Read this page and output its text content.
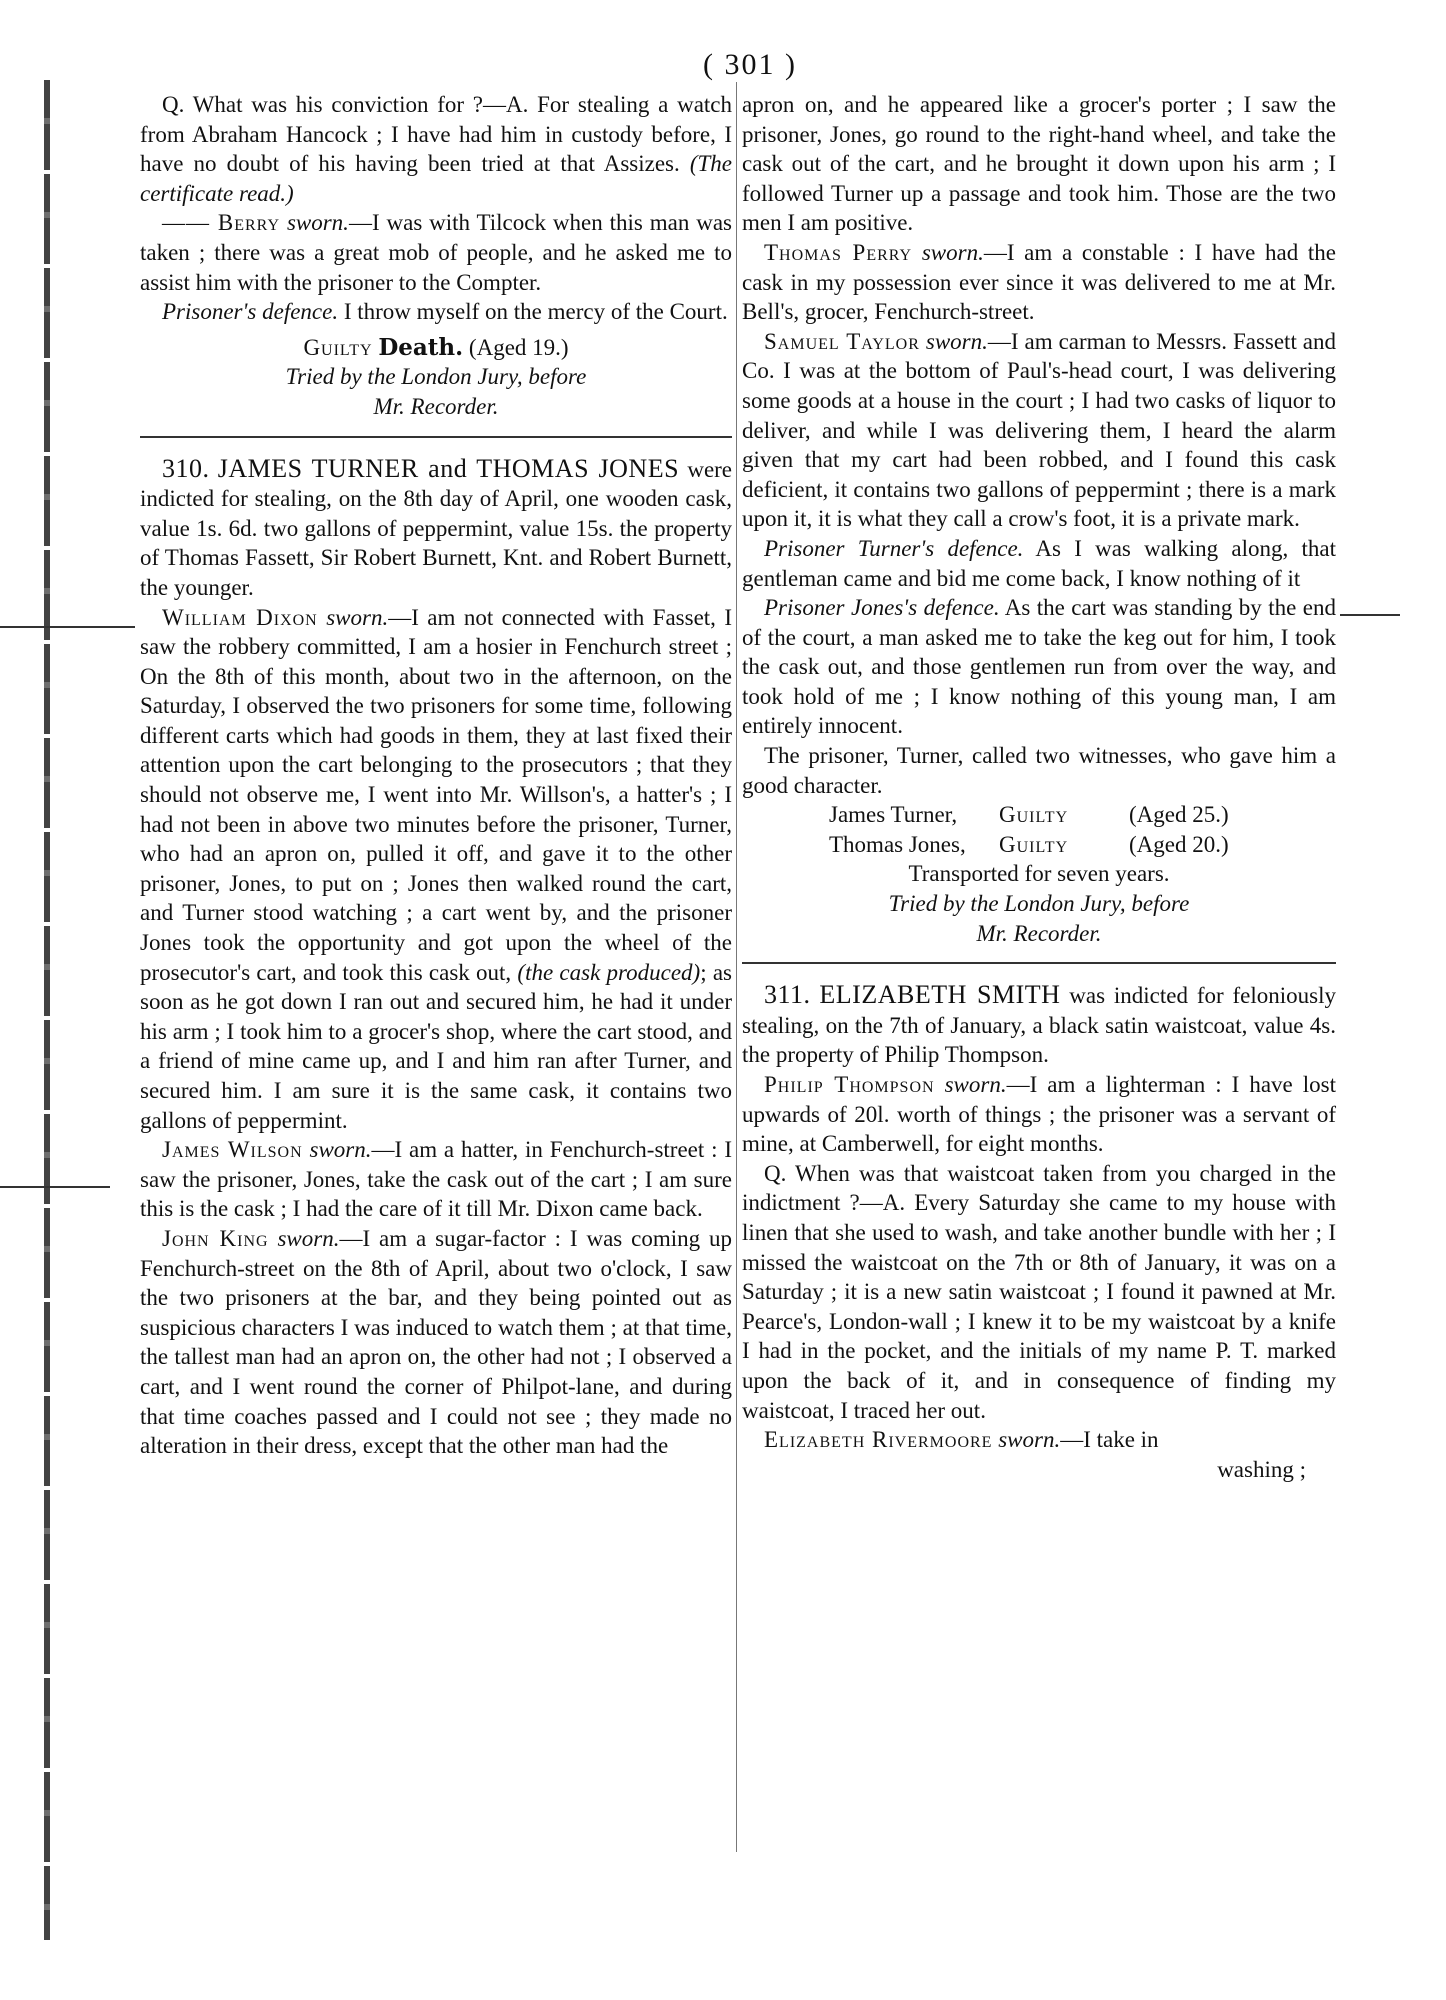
( 301 )

Q. What was his conviction for ?—A. For stealing a watch from Abraham Hancock ; I have had him in custody before, I have no doubt of his having been tried at that Assizes. (The certificate read.)

—— Berry sworn.—I was with Tilcock when this man was taken ; there was a great mob of people, and he asked me to assist him with the prisoner to the Compter.

Prisoner's defence. I throw myself on the mercy of the Court.

Guilty Death. (Aged 19.)

Tried by the London Jury, before

Mr. Recorder.

310. JAMES TURNER and THOMAS JONES were indicted for stealing, on the 8th day of April, one wooden cask, value 1s. 6d. two gallons of peppermint, value 15s. the property of Thomas Fassett, Sir Robert Burnett, Knt. and Robert Burnett, the younger.

William Dixon sworn.—I am not connected with Fasset, I saw the robbery committed, I am a hosier in Fenchurch street ; On the 8th of this month, about two in the afternoon, on the Saturday, I observed the two prisoners for some time, following different carts which had goods in them, they at last fixed their attention upon the cart belonging to the prosecutors ; that they should not observe me, I went into Mr. Willson's, a hatter's ; I had not been in above two minutes before the prisoner, Turner, who had an apron on, pulled it off, and gave it to the other prisoner, Jones, to put on ; Jones then walked round the cart, and Turner stood watching ; a cart went by, and the prisoner Jones took the opportunity and got upon the wheel of the prosecutor's cart, and took this cask out, (the cask produced); as soon as he got down I ran out and secured him, he had it under his arm ; I took him to a grocer's shop, where the cart stood, and a friend of mine came up, and I and him ran after Turner, and secured him. I am sure it is the same cask, it contains two gallons of peppermint.

James Wilson sworn.—I am a hatter, in Fenchurch-street : I saw the prisoner, Jones, take the cask out of the cart ; I am sure this is the cask ; I had the care of it till Mr. Dixon came back.

John King sworn.—I am a sugar-factor : I was coming up Fenchurch-street on the 8th of April, about two o'clock, I saw the two prisoners at the bar, and they being pointed out as suspicious characters I was induced to watch them ; at that time, the tallest man had an apron on, the other had not ; I observed a cart, and I went round the corner of Philpot-lane, and during that time coaches passed and I could not see ; they made no alteration in their dress, except that the other man had the

apron on, and he appeared like a grocer's porter ; I saw the prisoner, Jones, go round to the right-hand wheel, and take the cask out of the cart, and he brought it down upon his arm ; I followed Turner up a passage and took him. Those are the two men I am positive.

Thomas Perry sworn.—I am a constable : I have had the cask in my possession ever since it was delivered to me at Mr. Bell's, grocer, Fenchurch-street.

Samuel Taylor sworn.—I am carman to Messrs. Fassett and Co. I was at the bottom of Paul's-head court, I was delivering some goods at a house in the court ; I had two casks of liquor to deliver, and while I was delivering them, I heard the alarm given that my cart had been robbed, and I found this cask deficient, it contains two gallons of peppermint ; there is a mark upon it, it is what they call a crow's foot, it is a private mark.

Prisoner Turner's defence. As I was walking along, that gentleman came and bid me come back, I know nothing of it

Prisoner Jones's defence. As the cart was standing by the end of the court, a man asked me to take the keg out for him, I took the cask out, and those gentlemen run from over the way, and took hold of me ; I know nothing of this young man, I am entirely innocent.

The prisoner, Turner, called two witnesses, who gave him a good character.

James Turner,	Guilty	(Aged 25.)
Thomas Jones,	Guilty	(Aged 20.)

Transported for seven years.

Tried by the London Jury, before

Mr. Recorder.

311. ELIZABETH SMITH was indicted for feloniously stealing, on the 7th of January, a black satin waistcoat, value 4s. the property of Philip Thompson.

Philip Thompson sworn.—I am a lighterman : I have lost upwards of 20l. worth of things ; the prisoner was a servant of mine, at Camberwell, for eight months.

Q. When was that waistcoat taken from you charged in the indictment ?—A. Every Saturday she came to my house with linen that she used to wash, and take another bundle with her ; I missed the waistcoat on the 7th or 8th of January, it was on a Saturday ; it is a new satin waistcoat ; I found it pawned at Mr. Pearce's, London-wall ; I knew it to be my waistcoat by a knife I had in the pocket, and the initials of my name P. T. marked upon the back of it, and in consequence of finding my waistcoat, I traced her out.

Elizabeth Rivermoore sworn.—I take in

washing ;
